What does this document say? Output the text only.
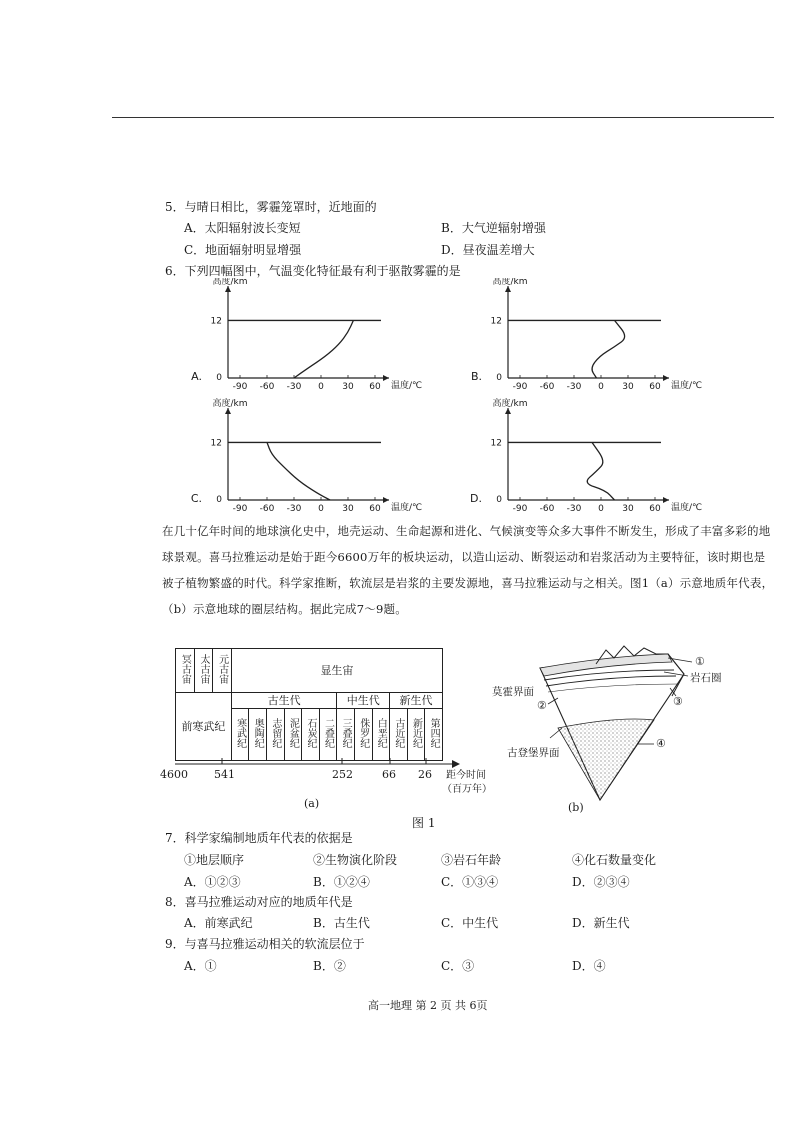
5．与晴日相比，雾霾笼罩时，近地面的
A．太阳辐射波长变短	B．大气逆辐射增强
C．地面辐射明显增强	D．昼夜温差增大
6．下列四幅图中，气温变化特征最有利于驱散雾霾的是
12
0
-90 -60 -30 0 30 60
高度/km
温度/℃
A.
12
0
-90 -60 -30 0 30 60
高度/km
温度/℃
B.
12
0
-90 -60 -30 0 30 60
高度/km
温度/℃
C.
12
0
-90 -60 -30 0 30 60
高度/km
温度/℃
D.
在几十亿年时间的地球演化史中，地壳运动、生命起源和进化、气候演变等众多大事件不断发生，形成了丰富多彩的地球景观。喜马拉雅运动是始于距今6600万年的板块运动，以造山运动、断裂运动和岩浆活动为主要特征，该时期也是被子植物繁盛的时代。科学家推断，软流层是岩浆的主要发源地，喜马拉雅运动与之相关。图1（a）示意地质年代表，（b）示意地球的圈层结构。据此完成7～9题。
冥古宙	太古宙	元古宙	显生宙											
前寒武纪			古生代						中生代			新生代		
			寒武纪	奥陶纪	志留纪	泥盆纪	石炭纪	二叠纪	三叠纪	侏罗纪	白垩纪	古近纪	新近纪	第四纪
4600 541	252	66 26 距今时间
（百万年）
(a)
①
岩石圈
莫霍界面
②	③
古登堡界面
④
(b)
图 1
7．科学家编制地质年代表的依据是
①地层顺序	②生物演化阶段	③岩石年龄	④化石数量变化
A．①②③	B．①②④	C．①③④	D．②③④
8．喜马拉雅运动对应的地质年代是
A．前寒武纪	B．古生代	C．中生代	D．新生代
9．与喜马拉雅运动相关的软流层位于
A．①	B．②	C．③	D．④
高一地理 第 2 页 共 6页
